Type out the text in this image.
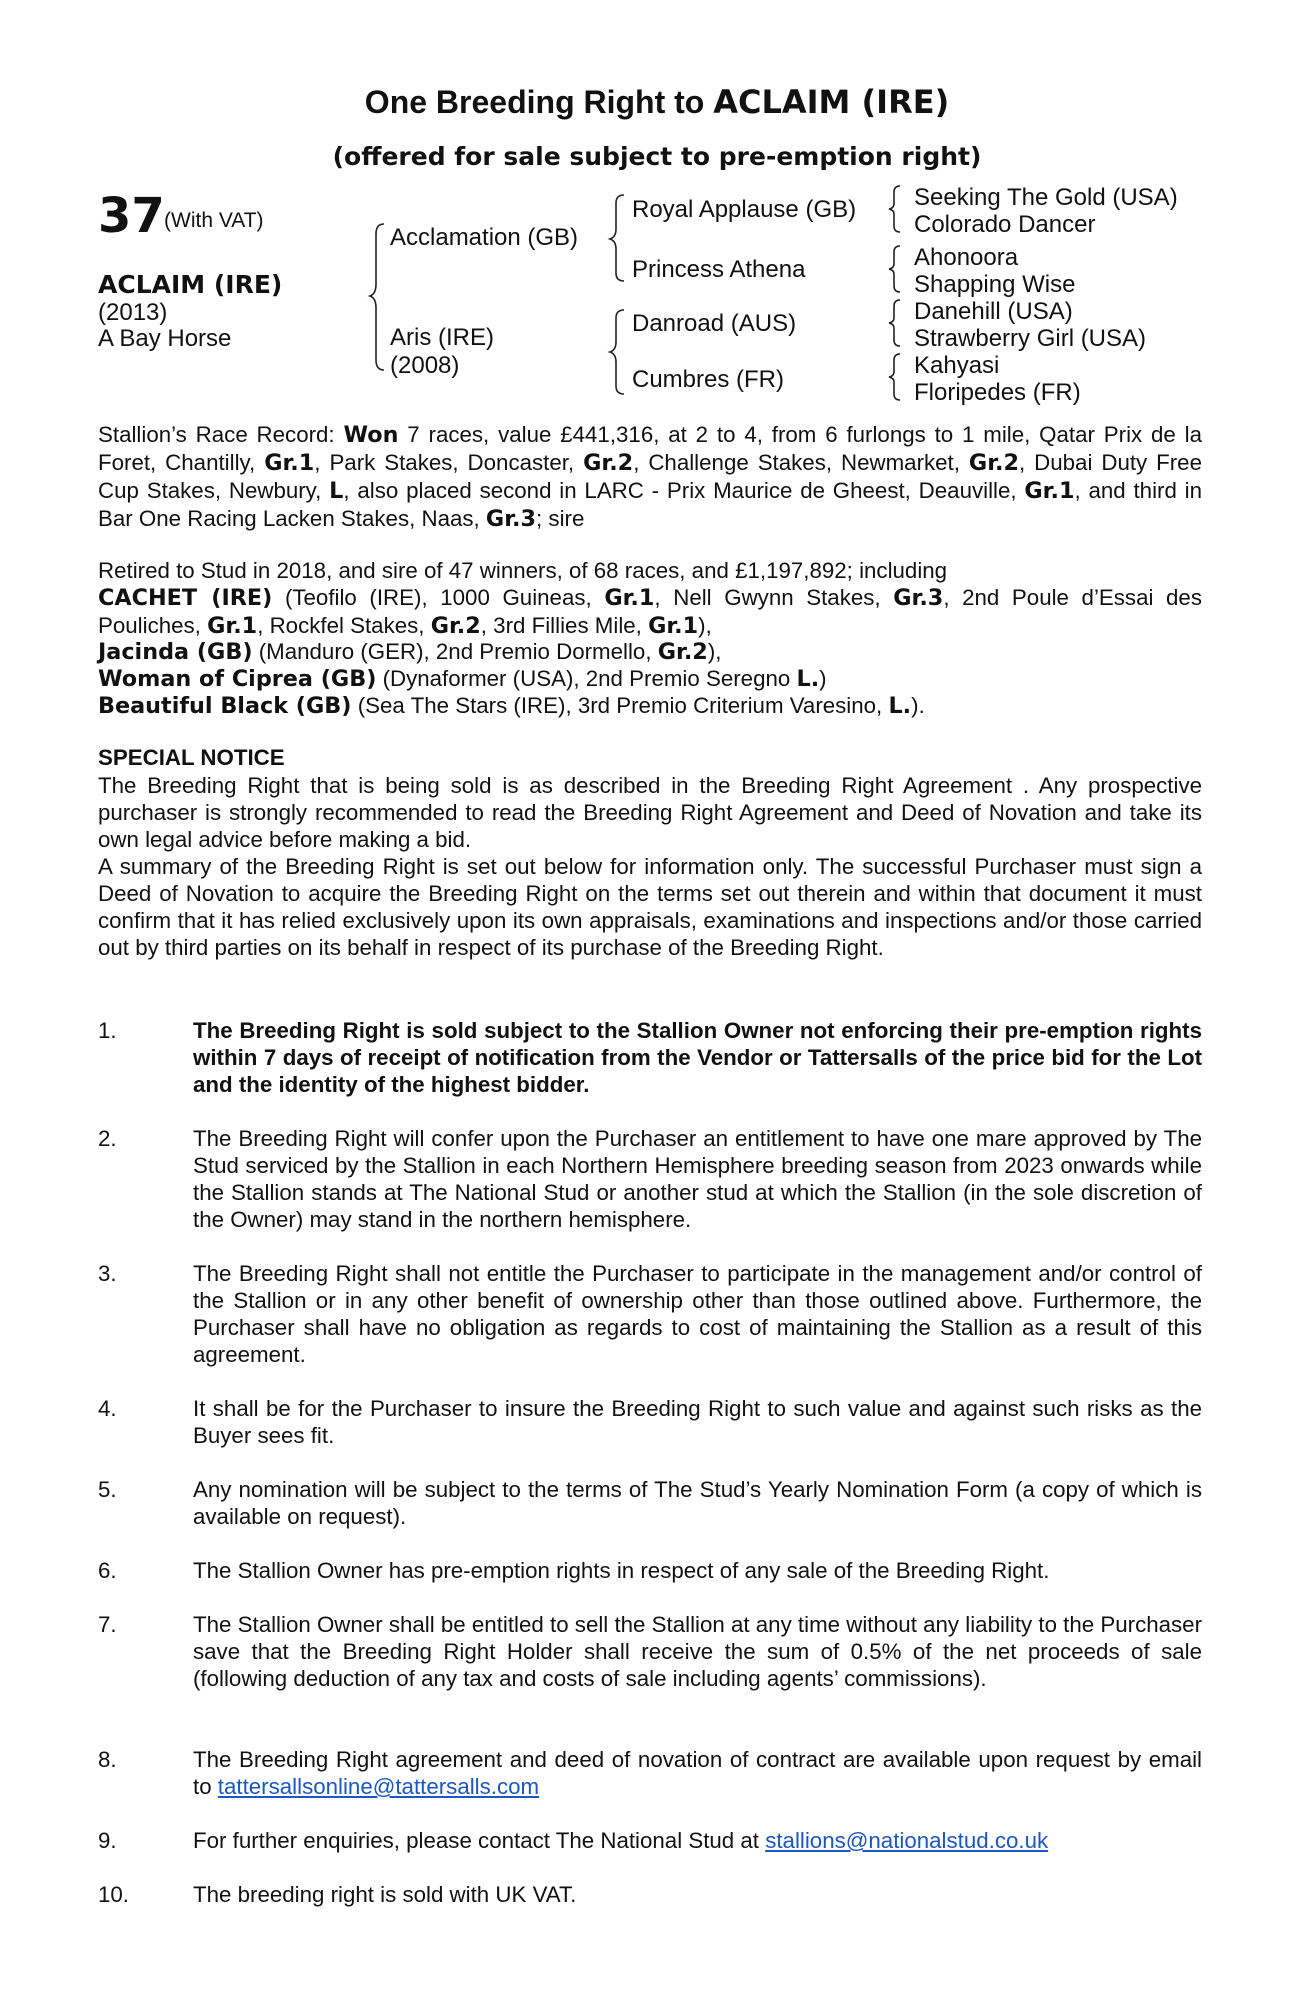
One Breeding Right to ACLAIM (IRE)
(offered for sale subject to pre-emption right)
37 (With VAT)
ACLAIM (IRE)
(2013)
A Bay Horse
Acclamation (GB)
Aris (IRE)
(2008)
Royal Applause (GB)
Princess Athena
Danroad (AUS)
Cumbres (FR)
Seeking The Gold (USA)
Colorado Dancer
Ahonoora
Shapping Wise
Danehill (USA)
Strawberry Girl (USA)
Kahyasi
Floripedes (FR)
Stallion’s Race Record: Won 7 races, value £441,316, at 2 to 4, from 6 furlongs to 1 mile, Qatar Prix de la Foret, Chantilly, Gr.1, Park Stakes, Doncaster, Gr.2, Challenge Stakes, Newmarket, Gr.2, Dubai Duty Free Cup Stakes, Newbury, L, also placed second in LARC - Prix Maurice de Gheest, Deauville, Gr.1, and third in Bar One Racing Lacken Stakes, Naas, Gr.3; sire
Retired to Stud in 2018, and sire of 47 winners, of 68 races, and £1,197,892; including
CACHET (IRE) (Teofilo (IRE), 1000 Guineas, Gr.1, Nell Gwynn Stakes, Gr.3, 2nd Poule d’Essai des Pouliches, Gr.1, Rockfel Stakes, Gr.2, 3rd Fillies Mile, Gr.1),
Jacinda (GB) (Manduro (GER), 2nd Premio Dormello, Gr.2),
Woman of Ciprea (GB) (Dynaformer (USA), 2nd Premio Seregno L.)
Beautiful Black (GB) (Sea The Stars (IRE), 3rd Premio Criterium Varesino, L.).
SPECIAL NOTICE
The Breeding Right that is being sold is as described in the Breeding Right Agreement . Any prospective purchaser is strongly recommended to read the Breeding Right Agreement and Deed of Novation and take its own legal advice before making a bid.
A summary of the Breeding Right is set out below for information only. The successful Purchaser must sign a Deed of Novation to acquire the Breeding Right on the terms set out therein and within that document it must confirm that it has relied exclusively upon its own appraisals, examinations and inspections and/or those carried out by third parties on its behalf in respect of its purchase of the Breeding Right.
1.	The Breeding Right is sold subject to the Stallion Owner not enforcing their pre-emption rights within 7 days of receipt of notification from the Vendor or Tattersalls of the price bid for the Lot and the identity of the highest bidder.
2.	The Breeding Right will confer upon the Purchaser an entitlement to have one mare approved by The Stud serviced by the Stallion in each Northern Hemisphere breeding season from 2023 onwards while the Stallion stands at The National Stud or another stud at which the Stallion (in the sole discretion of the Owner) may stand in the northern hemisphere.
3.	The Breeding Right shall not entitle the Purchaser to participate in the management and/or control of the Stallion or in any other benefit of ownership other than those outlined above. Furthermore, the Purchaser shall have no obligation as regards to cost of maintaining the Stallion as a result of this agreement.
4.	It shall be for the Purchaser to insure the Breeding Right to such value and against such risks as the Buyer sees fit.
5.	Any nomination will be subject to the terms of The Stud’s Yearly Nomination Form (a copy of which is available on request).
6.	The Stallion Owner has pre-emption rights in respect of any sale of the Breeding Right.
7.	The Stallion Owner shall be entitled to sell the Stallion at any time without any liability to the Purchaser save that the Breeding Right Holder shall receive the sum of 0.5% of the net proceeds of sale (following deduction of any tax and costs of sale including agents’ commissions).
8.	The Breeding Right agreement and deed of novation of contract are available upon request by email to tattersallsonline@tattersalls.com
9.	For further enquiries, please contact The National Stud at stallions@nationalstud.co.uk
10.	The breeding right is sold with UK VAT.
